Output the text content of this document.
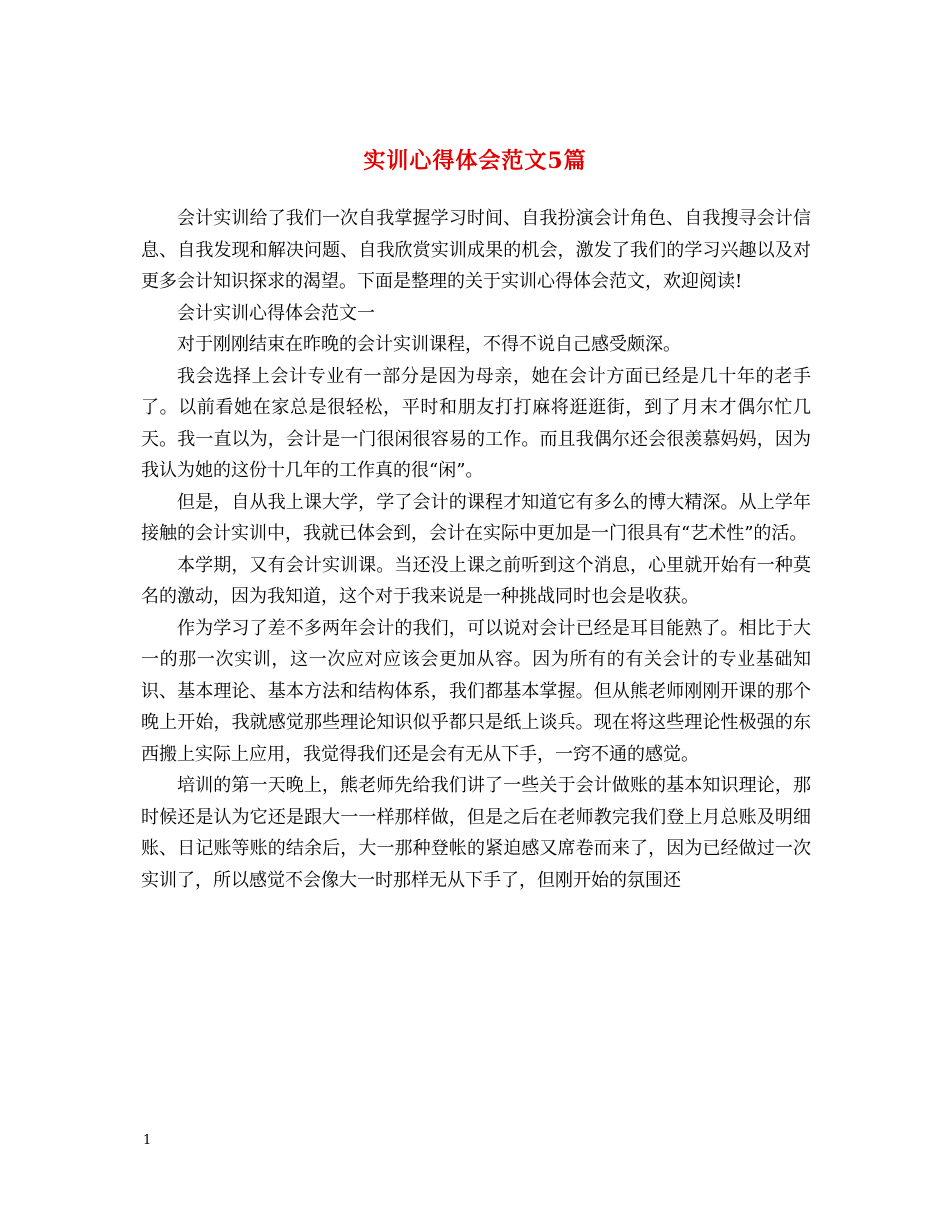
实训心得体会范文5篇

会计实训给了我们一次自我掌握学习时间、自我扮演会计角色、自我搜寻会计信息、自我发现和解决问题、自我欣赏实训成果的机会，激发了我们的学习兴趣以及对更多会计知识探求的渴望。下面是整理的关于实训心得体会范文，欢迎阅读!

会计实训心得体会范文一

对于刚刚结束在昨晚的会计实训课程，不得不说自己感受颇深。

我会选择上会计专业有一部分是因为母亲，她在会计方面已经是几十年的老手了。以前看她在家总是很轻松，平时和朋友打打麻将逛逛街，到了月末才偶尔忙几天。我一直以为，会计是一门很闲很容易的工作。而且我偶尔还会很羡慕妈妈，因为我认为她的这份十几年的工作真的很“闲”。

但是，自从我上课大学，学了会计的课程才知道它有多么的博大精深。从上学年接触的会计实训中，我就已体会到，会计在实际中更加是一门很具有“艺术性”的活。

本学期，又有会计实训课。当还没上课之前听到这个消息，心里就开始有一种莫名的激动，因为我知道，这个对于我来说是一种挑战同时也会是收获。

作为学习了差不多两年会计的我们，可以说对会计已经是耳目能熟了。相比于大一的那一次实训，这一次应对应该会更加从容。因为所有的有关会计的专业基础知识、基本理论、基本方法和结构体系，我们都基本掌握。但从熊老师刚刚开课的那个晚上开始，我就感觉那些理论知识似乎都只是纸上谈兵。现在将这些理论性极强的东西搬上实际上应用，我觉得我们还是会有无从下手，一窍不通的感觉。

培训的第一天晚上，熊老师先给我们讲了一些关于会计做账的基本知识理论，那时候还是认为它还是跟大一一样那样做，但是之后在老师教完我们登上月总账及明细账、日记账等账的结余后，大一那种登帐的紧迫感又席卷而来了，因为已经做过一次实训了，所以感觉不会像大一时那样无从下手了，但刚开始的氛围还

1
